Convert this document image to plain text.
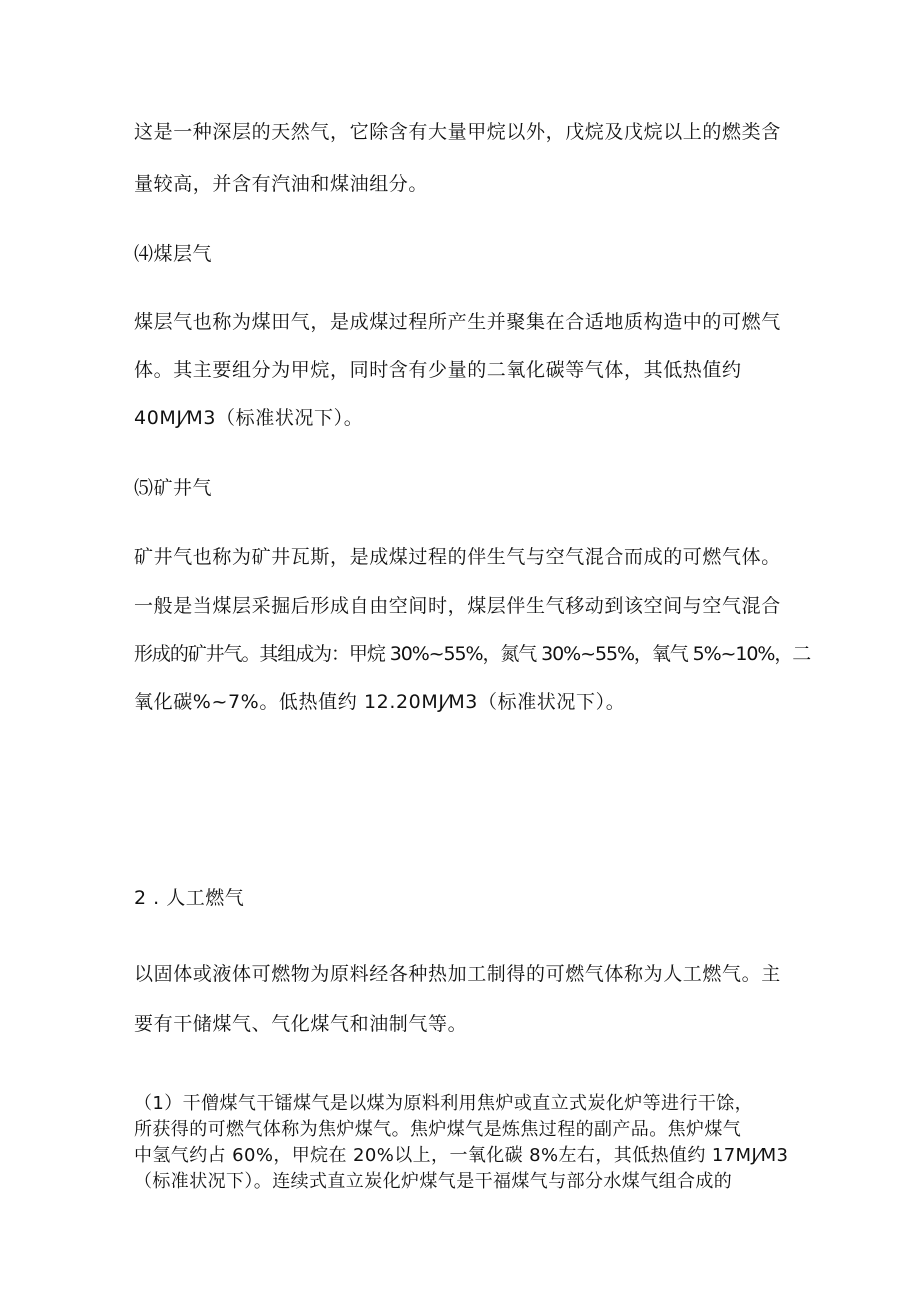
这是一种深层的天然气，它除含有大量甲烷以外，戊烷及戊烷以上的燃类含
量较高，并含有汽油和煤油组分。
⑷煤层气
煤层气也称为煤田气，是成煤过程所产生并聚集在合适地质构造中的可燃气
体。其主要组分为甲烷，同时含有少量的二氧化碳等气体，其低热值约
40MJ⁄M3（标准状况下）。
⑸矿井气
矿井气也称为矿井瓦斯，是成煤过程的伴生气与空气混合而成的可燃气体。
一般是当煤层采掘后形成自由空间时，煤层伴生气移动到该空间与空气混合
形成的矿井气。其组成为：甲烷 30%~55%，氮气 30%~55%，氧气 5%~10%，二
氧化碳%~7%。低热值约 12.20MJ⁄M3（标准状况下）。
2 . 人工燃气
以固体或液体可燃物为原料经各种热加工制得的可燃气体称为人工燃气。主
要有干储煤气、气化煤气和油制气等。
（1）干僧煤气干镭煤气是以煤为原料利用焦炉或直立式炭化炉等进行干馀，
所获得的可燃气体称为焦炉煤气。焦炉煤气是炼焦过程的副产品。焦炉煤气
中氢气约占 60%，甲烷在 20%以上，一氧化碳 8%左右，其低热值约 17MJ⁄M3
（标准状况下）。连续式直立炭化炉煤气是干福煤气与部分水煤气组合成的
